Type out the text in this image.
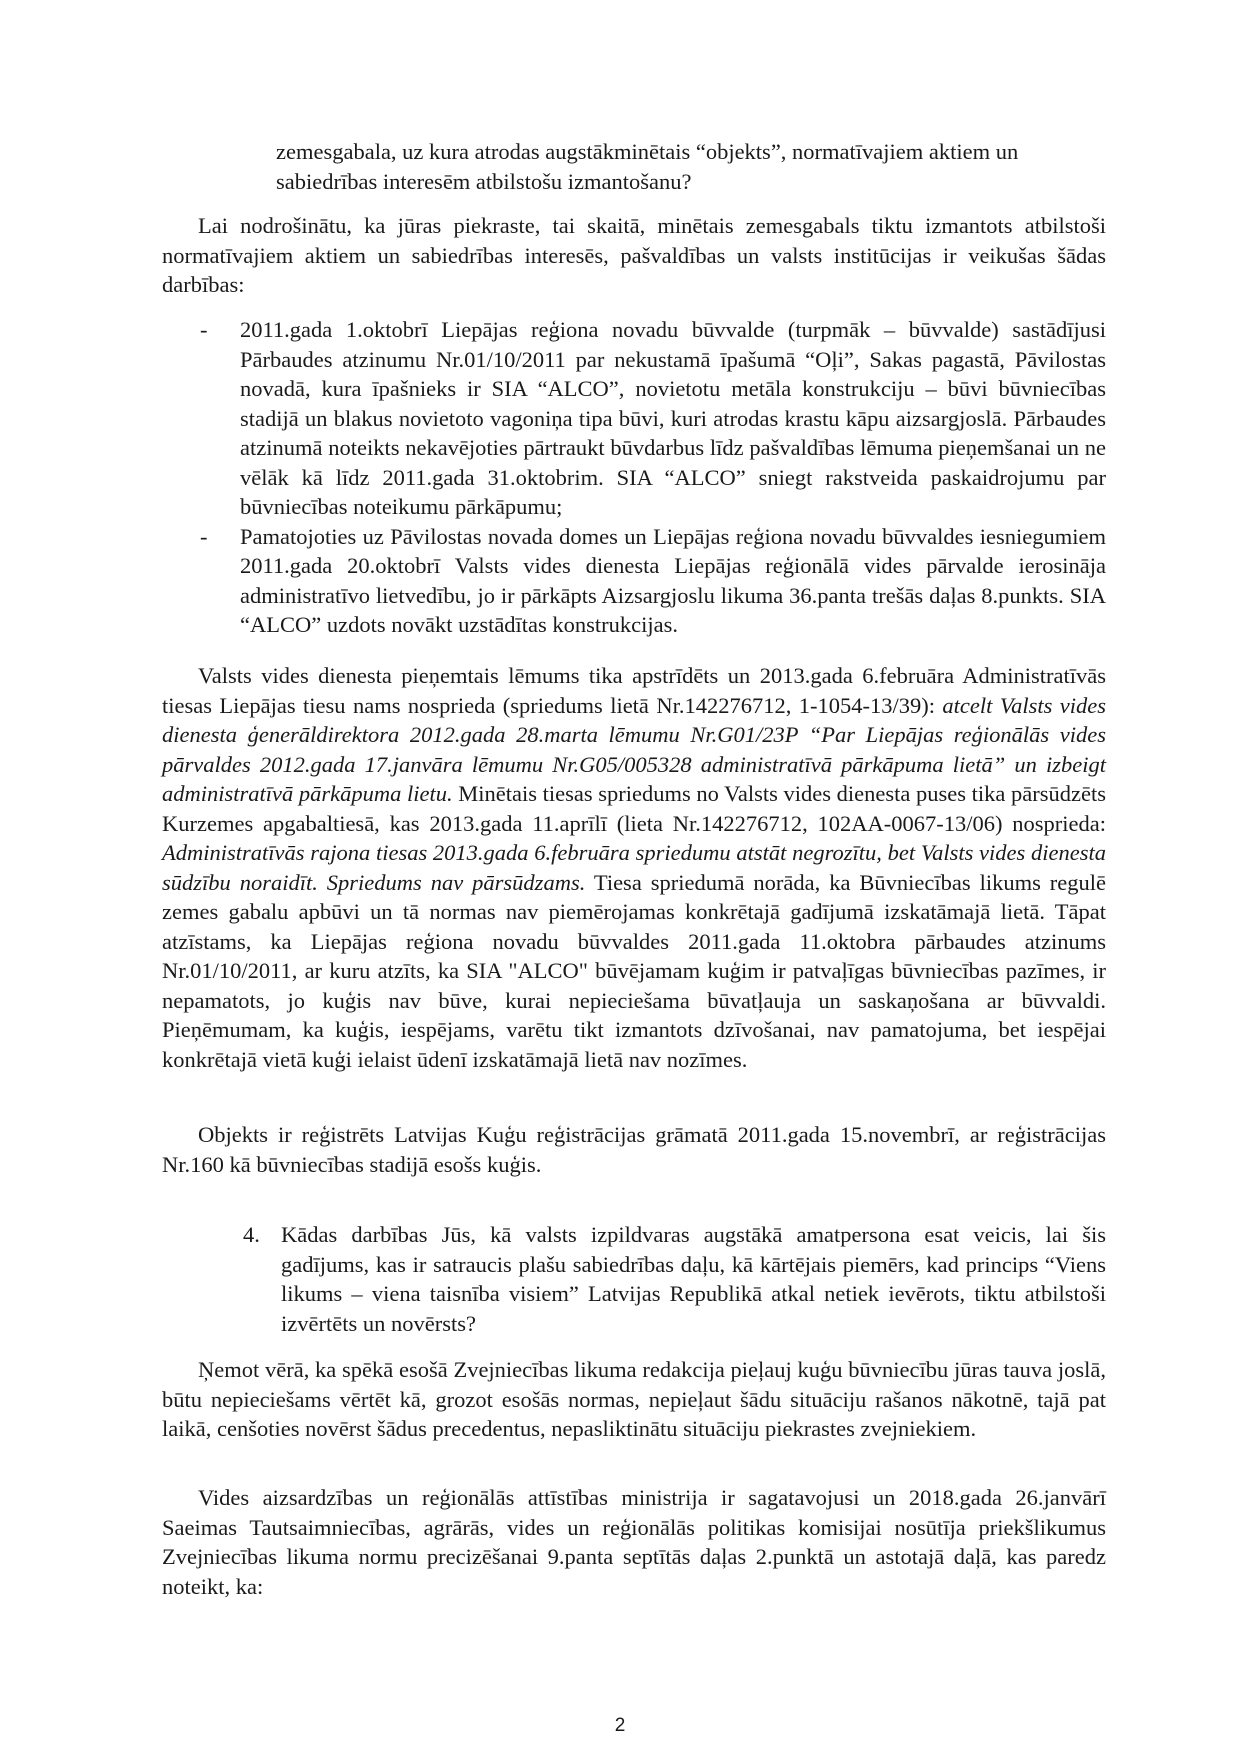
zemesgabala, uz kura atrodas augstākminētais “objekts”, normatīvajiem aktiem un sabiedrības interesēm atbilstošu izmantošanu?

Lai nodrošinātu, ka jūras piekraste, tai skaitā, minētais zemesgabals tiktu izmantots atbilstoši normatīvajiem aktiem un sabiedrības interesēs, pašvaldības un valsts institūcijas ir veikušas šādas darbības:

- 2011.gada 1.oktobrī Liepājas reģiona novadu būvvalde (turpmāk – būvvalde) sastādījusi Pārbaudes atzinumu Nr.01/10/2011 par nekustamā īpašumā “Oļi”, Sakas pagastā, Pāvilostas novadā, kura īpašnieks ir SIA “ALCO”, novietotu metāla konstrukciju – būvi būvniecības stadijā un blakus novietoto vagoniņa tipa būvi, kuri atrodas krastu kāpu aizsargjoslā. Pārbaudes atzinumā noteikts nekavējoties pārtraukt būvdarbus līdz pašvaldības lēmuma pieņemšanai un ne vēlāk kā līdz 2011.gada 31.oktobrim. SIA “ALCO” sniegt rakstveida paskaidrojumu par būvniecības noteikumu pārkāpumu;
- Pamatojoties uz Pāvilostas novada domes un Liepājas reģiona novadu būvvaldes iesniegumiem 2011.gada 20.oktobrī Valsts vides dienesta Liepājas reģionālā vides pārvalde ierosināja administratīvo lietvedību, jo ir pārkāpts Aizsargjoslu likuma 36.panta trešās daļas 8.punkts. SIA “ALCO” uzdots novākt uzstādītas konstrukcijas.

Valsts vides dienesta pieņemtais lēmums tika apstrīdēts un 2013.gada 6.februāra Administratīvās tiesas Liepājas tiesu nams nosprieda (spriedums lietā Nr.142276712, 1-1054-13/39): atcelt Valsts vides dienesta ģenerāldirektora 2012.gada 28.marta lēmumu Nr.G01/23P “Par Liepājas reģionālās vides pārvaldes 2012.gada 17.janvāra lēmumu Nr.G05/005328 administratīvā pārkāpuma lietā” un izbeigt administratīvā pārkāpuma lietu. Minētais tiesas spriedums no Valsts vides dienesta puses tika pārsūdzēts Kurzemes apgabaltiesā, kas 2013.gada 11.aprīlī (lieta Nr.142276712, 102AA-0067-13/06) nosprieda: Administratīvās rajona tiesas 2013.gada 6.februāra spriedumu atstāt negrozītu, bet Valsts vides dienesta sūdzību noraidīt. Spriedums nav pārsūdzams. Tiesa spriedumā norāda, ka Būvniecības likums regulē zemes gabalu apbūvi un tā normas nav piemērojamas konkrētajā gadījumā izskatāmajā lietā. Tāpat atzīstams, ka Liepājas reģiona novadu būvvaldes 2011.gada 11.oktobra pārbaudes atzinums Nr.01/10/2011, ar kuru atzīts, ka SIA "ALCO" būvējamam kuģim ir patvaļīgas būvniecības pazīmes, ir nepamatots, jo kuģis nav būve, kurai nepieciešama būvatļauja un saskaņošana ar būvvaldi. Pieņēmumam, ka kuģis, iespējams, varētu tikt izmantots dzīvošanai, nav pamatojuma, bet iespējai konkrētajā vietā kuģi ielaist ūdenī izskatāmajā lietā nav nozīmes.

Objekts ir reģistrēts Latvijas Kuģu reģistrācijas grāmatā 2011.gada 15.novembrī, ar reģistrācijas Nr.160 kā būvniecības stadijā esošs kuģis.

4. Kādas darbības Jūs, kā valsts izpildvaras augstākā amatpersona esat veicis, lai šis gadījums, kas ir satraucis plašu sabiedrības daļu, kā kārtējais piemērs, kad princips “Viens likums – viena taisnība visiem” Latvijas Republikā atkal netiek ievērots, tiktu atbilstoši izvērtēts un novērsts?

Ņemot vērā, ka spēkā esošā Zvejniecības likuma redakcija pieļauj kuģu būvniecību jūras tauva joslā, būtu nepieciešams vērtēt kā, grozot esošās normas, nepieļaut šādu situāciju rašanos nākotnē, tajā pat laikā, cenšoties novērst šādus precedentus, nepasliktinātu situāciju piekrastes zvejniekiem.

Vides aizsardzības un reģionālās attīstības ministrija ir sagatavojusi un 2018.gada 26.janvārī Saeimas Tautsaimniecības, agrārās, vides un reģionālās politikas komisijai nosūtīja priekšlikumus Zvejniecības likuma normu precizēšanai 9.panta septītās daļas 2.punktā un astotajā daļā, kas paredz noteikt, ka:

2
